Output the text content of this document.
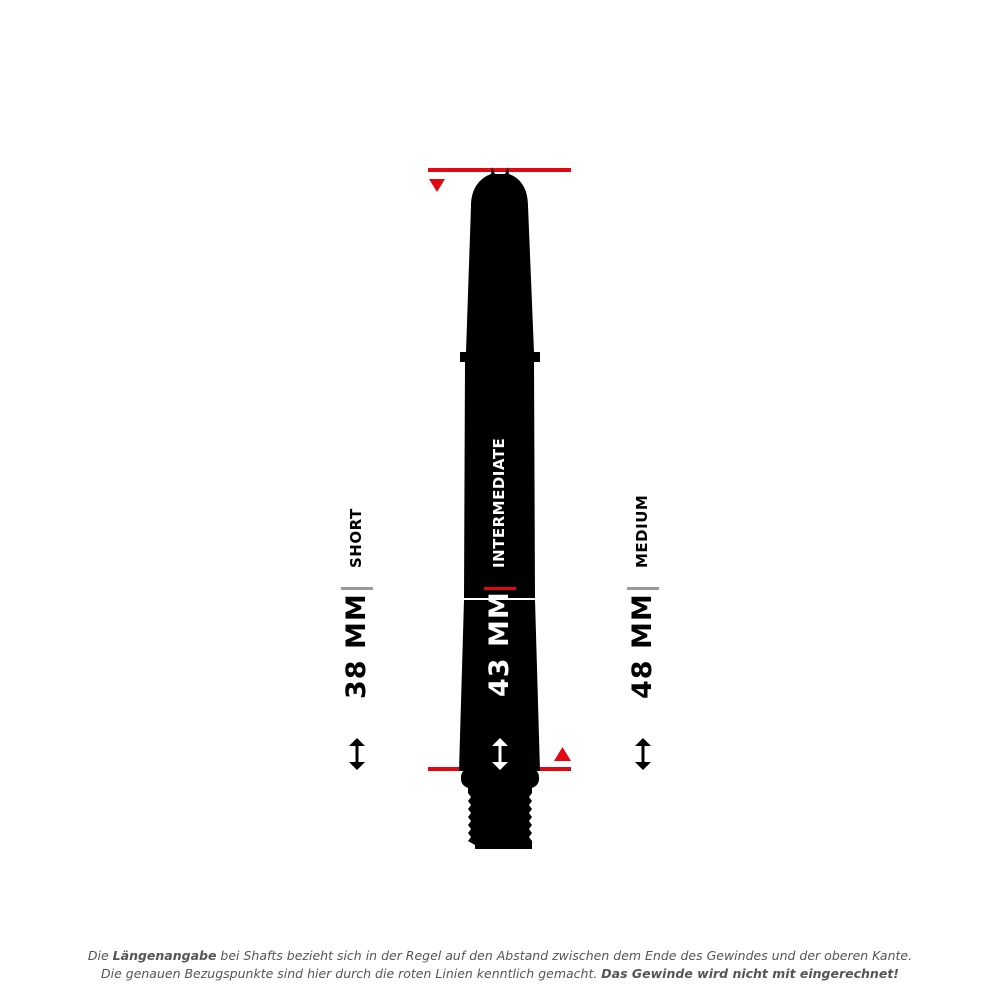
SHORT
38 MM
INTERMEDIATE
43 MM
MEDIUM
48 MM
Die Längenangabe bei Shafts bezieht sich in der Regel auf den Abstand zwischen dem Ende des Gewindes und der oberen Kante.
Die genauen Bezugspunkte sind hier durch die roten Linien kenntlich gemacht. Das Gewinde wird nicht mit eingerechnet!
